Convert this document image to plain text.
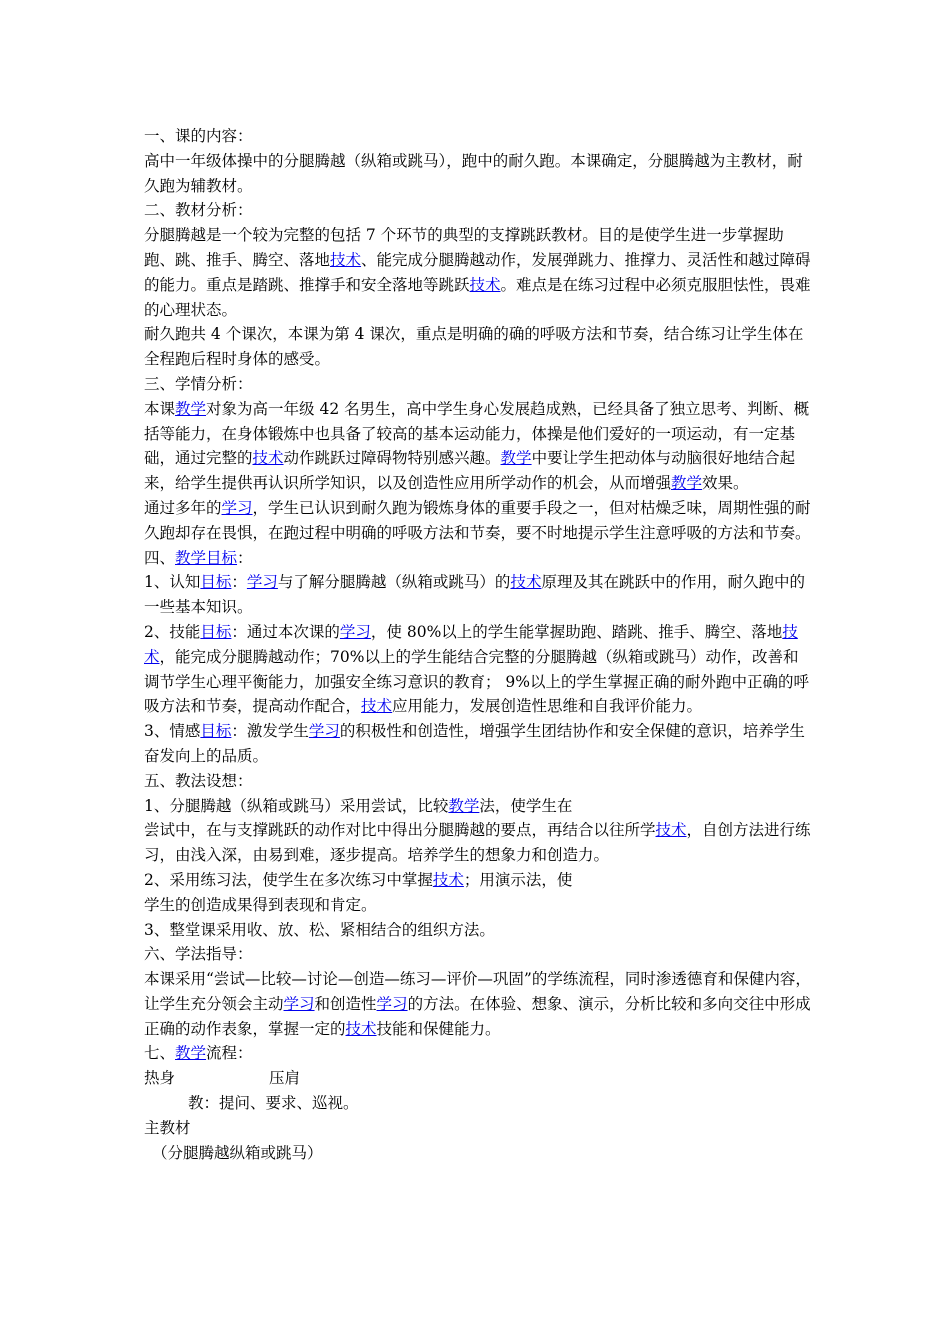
一、课的内容：

高中一年级体操中的分腿腾越（纵箱或跳马），跑中的耐久跑。本课确定，分腿腾越为主教材，耐久跑为辅教材。

二、教材分析：

分腿腾越是一个较为完整的包括 7 个环节的典型的支撑跳跃教材。目的是使学生进一步掌握助跑、跳、推手、腾空、落地技术、能完成分腿腾越动作，发展弹跳力、推撑力、灵活性和越过障碍的能力。重点是踏跳、推撑手和安全落地等跳跃技术。难点是在练习过程中必须克服胆怯性，畏难的心理状态。

耐久跑共 4 个课次，本课为第 4 课次，重点是明确的确的呼吸方法和节奏，结合练习让学生体在全程跑后程时身体的感受。

三、学情分析：

本课教学对象为高一年级 42 名男生，高中学生身心发展趋成熟，已经具备了独立思考、判断、概括等能力，在身体锻炼中也具备了较高的基本运动能力，体操是他们爱好的一项运动，有一定基础，通过完整的技术动作跳跃过障碍物特别感兴趣。教学中要让学生把动体与动脑很好地结合起来，给学生提供再认识所学知识，以及创造性应用所学动作的机会，从而增强教学效果。

通过多年的学习，学生已认识到耐久跑为锻炼身体的重要手段之一，但对枯燥乏味，周期性强的耐久跑却存在畏惧，在跑过程中明确的呼吸方法和节奏，要不时地提示学生注意呼吸的方法和节奏。

四、教学目标：

1、认知目标：学习与了解分腿腾越（纵箱或跳马）的技术原理及其在跳跃中的作用，耐久跑中的一些基本知识。

2、技能目标：通过本次课的学习，使 80%以上的学生能掌握助跑、踏跳、推手、腾空、落地技术，能完成分腿腾越动作；70%以上的学生能结合完整的分腿腾越（纵箱或跳马）动作，改善和调节学生心理平衡能力，加强安全练习意识的教育； 9%以上的学生掌握正确的耐外跑中正确的呼吸方法和节奏，提高动作配合，技术应用能力，发展创造性思维和自我评价能力。

3、情感目标：激发学生学习的积极性和创造性，增强学生团结协作和安全保健的意识，培养学生奋发向上的品质。

五、教法设想：

1、分腿腾越（纵箱或跳马）采用尝试，比较教学法，使学生在

尝试中，在与支撑跳跃的动作对比中得出分腿腾越的要点，再结合以往所学技术，自创方法进行练习，由浅入深，由易到难，逐步提高。培养学生的想象力和创造力。

2、采用练习法，使学生在多次练习中掌握技术；用演示法，使

学生的创造成果得到表现和肯定。

3、整堂课采用收、放、松、紧相结合的组织方法。

六、学法指导：

本课采用“尝试—比较—讨论—创造—练习—评价—巩固”的学练流程，同时渗透德育和保健内容，让学生充分领会主动学习和创造性学习的方法。在体验、想象、演示，分析比较和多向交往中形成正确的动作表象，掌握一定的技术技能和保健能力。

七、教学流程：

热身	压肩

教：提问、要求、巡视。

主教材

（分腿腾越纵箱或跳马）
